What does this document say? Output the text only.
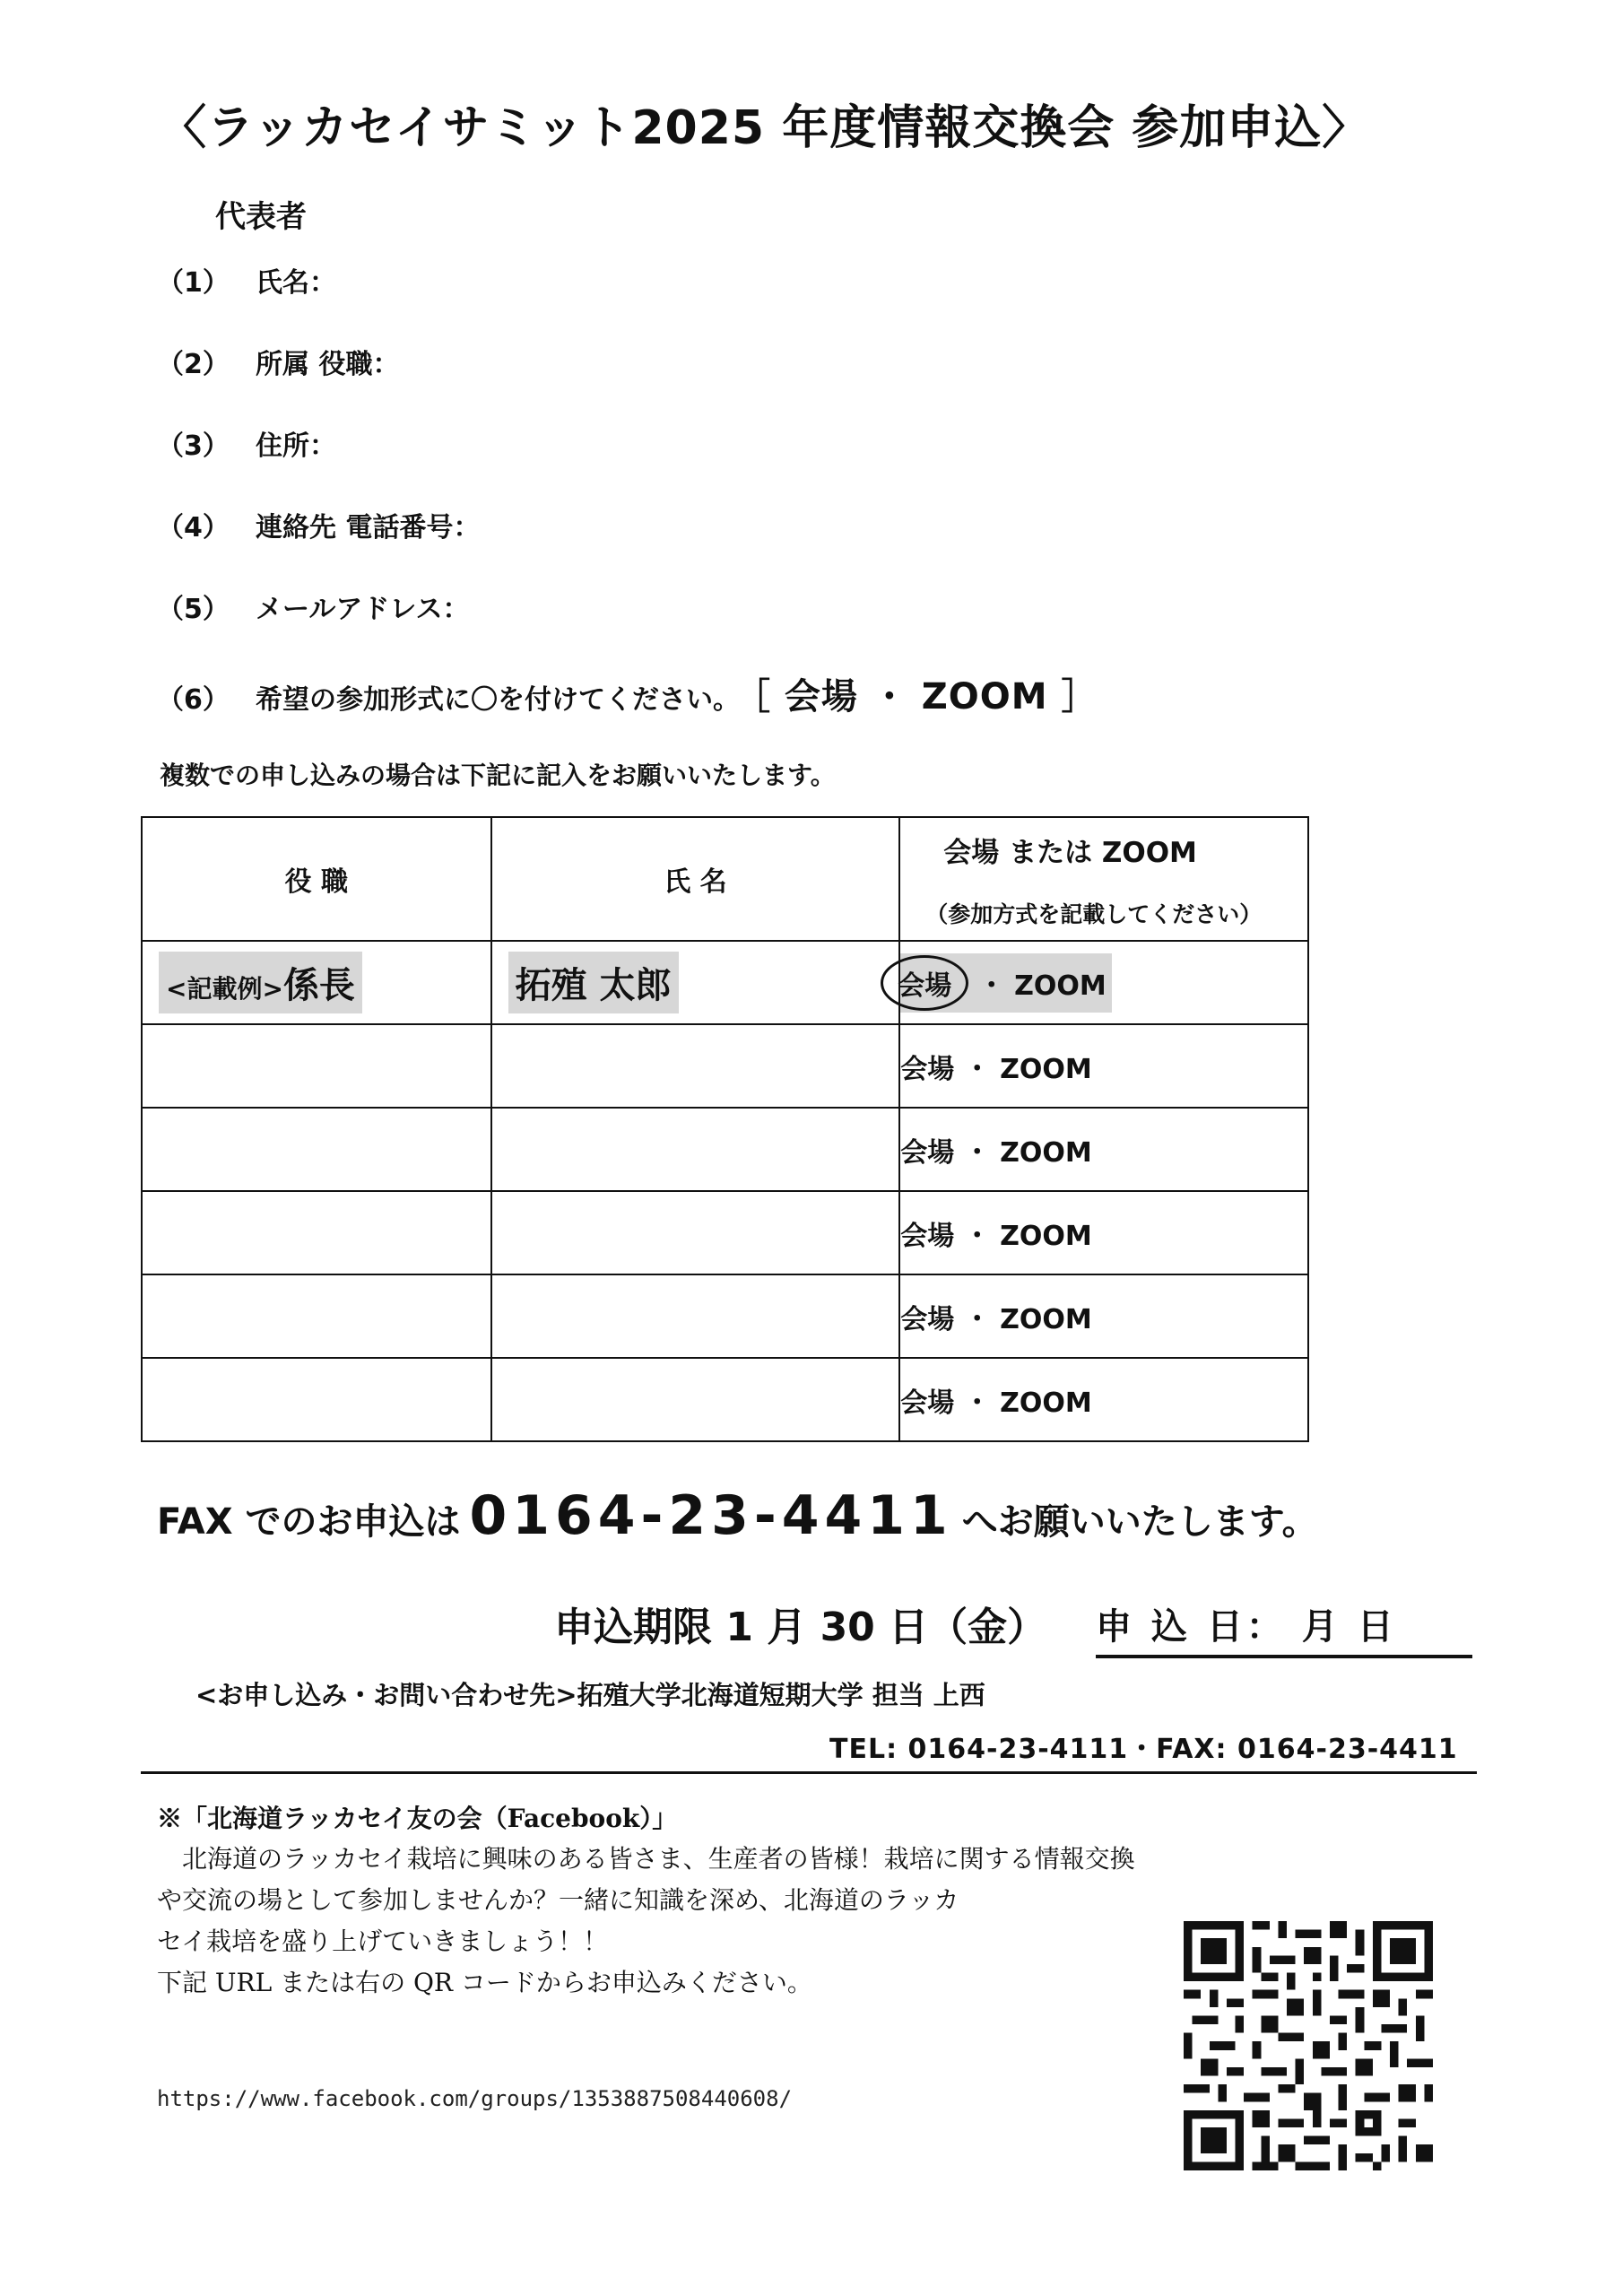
〈ラッカセイサミット2025 年度情報交換会 参加申込〉
代表者
（1） 氏名：
（2） 所属 役職：
（3） 住所：
（4） 連絡先 電話番号：
（5） メールアドレス：
（6） 希望の参加形式に〇を付けてください。 ［ 会場 ・ ZOOM ］
複数での申し込みの場合は下記に記入をお願いいたします。
役 職	氏 名	会場 または ZOOM
（参加方式を記載してください）

<記載例>係長	拓殖 太郎	会場 ・ ZOOM
		会場 ・ ZOOM
		会場 ・ ZOOM
		会場 ・ ZOOM
		会場 ・ ZOOM
		会場 ・ ZOOM
FAX でのお申込は 0164-23-4411 へお願いいたします。
申込期限 1 月 30 日（金） 申 込 日： 月 日
<お申し込み・お問い合わせ先>拓殖大学北海道短期大学 担当 上西
TEL: 0164-23-4111・FAX: 0164-23-4411
※「北海道ラッカセイ友の会（Facebook）」
　北海道のラッカセイ栽培に興味のある皆さま、生産者の皆様！栽培に関する情報交換
や交流の場として参加しませんか？一緒に知識を深め、北海道のラッカ
セイ栽培を盛り上げていきましょう！！
下記 URL または右の QR コードからお申込みください。
https://www.facebook.com/groups/1353887508440608/
